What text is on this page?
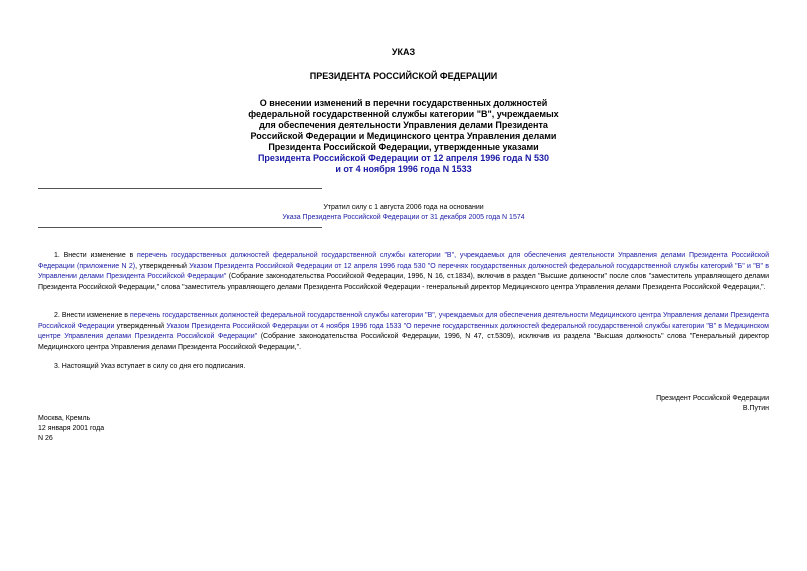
УКАЗ
ПРЕЗИДЕНТА РОССИЙСКОЙ ФЕДЕРАЦИИ
О внесении изменений в перечни государственных должностей
федеральной государственной службы категории "В", учреждаемых
для обеспечения деятельности Управления делами Президента
Российской Федерации и Медицинского центра Управления делами
Президента Российской Федерации, утвержденные указами
Президента Российской Федерации от 12 апреля 1996 года N 530
и от 4 ноября 1996 года N 1533
Утратил силу с 1 августа 2006 года на основании
Указа Президента Российской Федерации от 31 декабря 2005 года N 1574
1. Внести изменение в перечень государственных должностей федеральной государственной службы категории "В", учреждаемых для обеспечения деятельности Управления делами Президента Российской Федерации (приложение N 2), утвержденный Указом Президента Российской Федерации от 12 апреля 1996 года 530 "О перечнях государственных должностей федеральной государственной службы категорий "Б" и "В" в Управлении делами Президента Российской Федерации" (Собрание законодательства Российской Федерации, 1996, N 16, ст.1834), включив в раздел "Высшие должности" после слов "заместитель управляющего делами Президента Российской Федерации," слова "заместитель управляющего делами Президента Российской Федерации - генеральный директор Медицинского центра Управления делами Президента Российской Федерации,".
2. Внести изменение в перечень государственных должностей федеральной государственной службы категории "В", учреждаемых для обеспечения деятельности Медицинского центра Управления делами Президента Российской Федерации утвержденный Указом Президента Российской Федерации от 4 ноября 1996 года 1533 "О перечне государственных должностей федеральной государственной службы категории "В" в Медицинском центре Управления делами Президента Российской Федерации" (Собрание законодательства Российской Федерации, 1996, N 47, ст.5309), исключив из раздела "Высшая должность" слова "Генеральный директор Медицинского центра Управления делами Президента Российской Федерации,".
3. Настоящий Указ вступает в силу со дня его подписания.
Президент Российской Федерации
В.Путин
Москва, Кремль
12 января 2001 года
N 26
